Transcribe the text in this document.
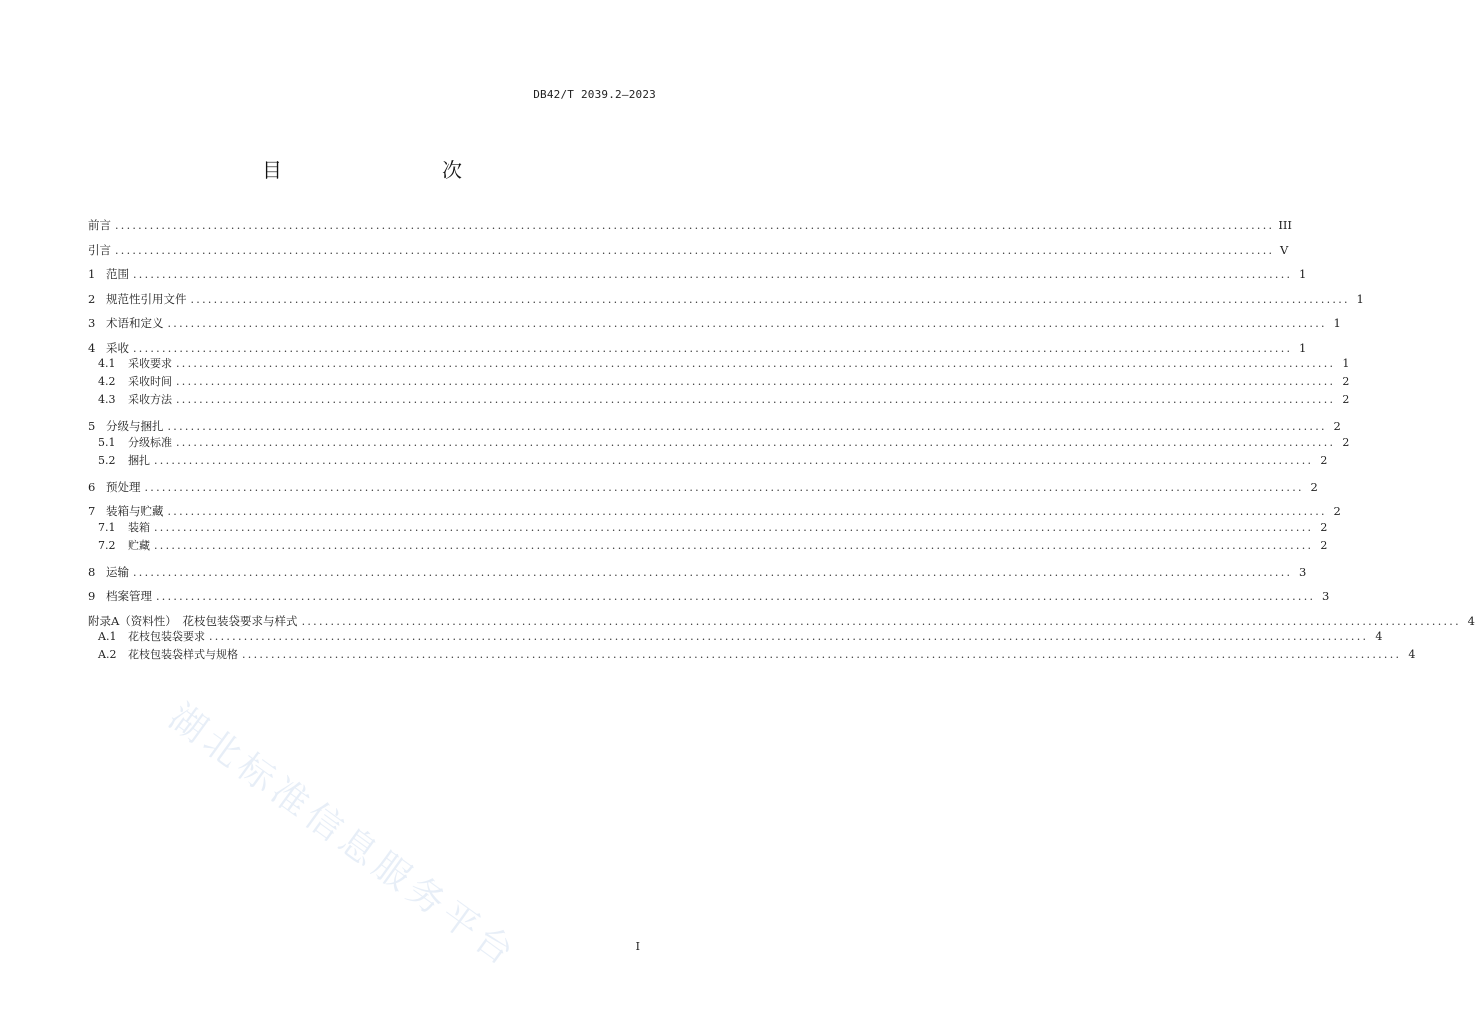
DB42/T 2039.2—2023
目　　次
前言 ........................................................................................................................................................................................................ III
引言 ........................................................................................................................................................................................................ V
1 范围 ........................................................................................................................................................................................................ 1
2 规范性引用文件 ........................................................................................................................................................................................................ 1
3 术语和定义 ........................................................................................................................................................................................................ 1
4 采收 ........................................................................................................................................................................................................ 1
4.1	采收要求 ........................................................................................................................................................................................................ 1
4.2	采收时间 ........................................................................................................................................................................................................ 2
4.3	采收方法 ........................................................................................................................................................................................................ 2
5 分级与捆扎 ........................................................................................................................................................................................................ 2
5.1	分级标准 ........................................................................................................................................................................................................ 2
5.2	捆扎 ........................................................................................................................................................................................................ 2
6 预处理 ........................................................................................................................................................................................................ 2
7 装箱与贮藏 ........................................................................................................................................................................................................ 2
7.1	装箱 ........................................................................................................................................................................................................ 2
7.2	贮藏 ........................................................................................................................................................................................................ 2
8 运输 ........................................................................................................................................................................................................ 3
9 档案管理 ........................................................................................................................................................................................................ 3
附录A（资料性）　花枝包装袋要求与样式 ........................................................................................................................................................................................................ 4
A.1	花枝包装袋要求 ........................................................................................................................................................................................................ 4
A.2	花枝包装袋样式与规格 ........................................................................................................................................................................................................ 4
湖北标准信息服务平台	I
